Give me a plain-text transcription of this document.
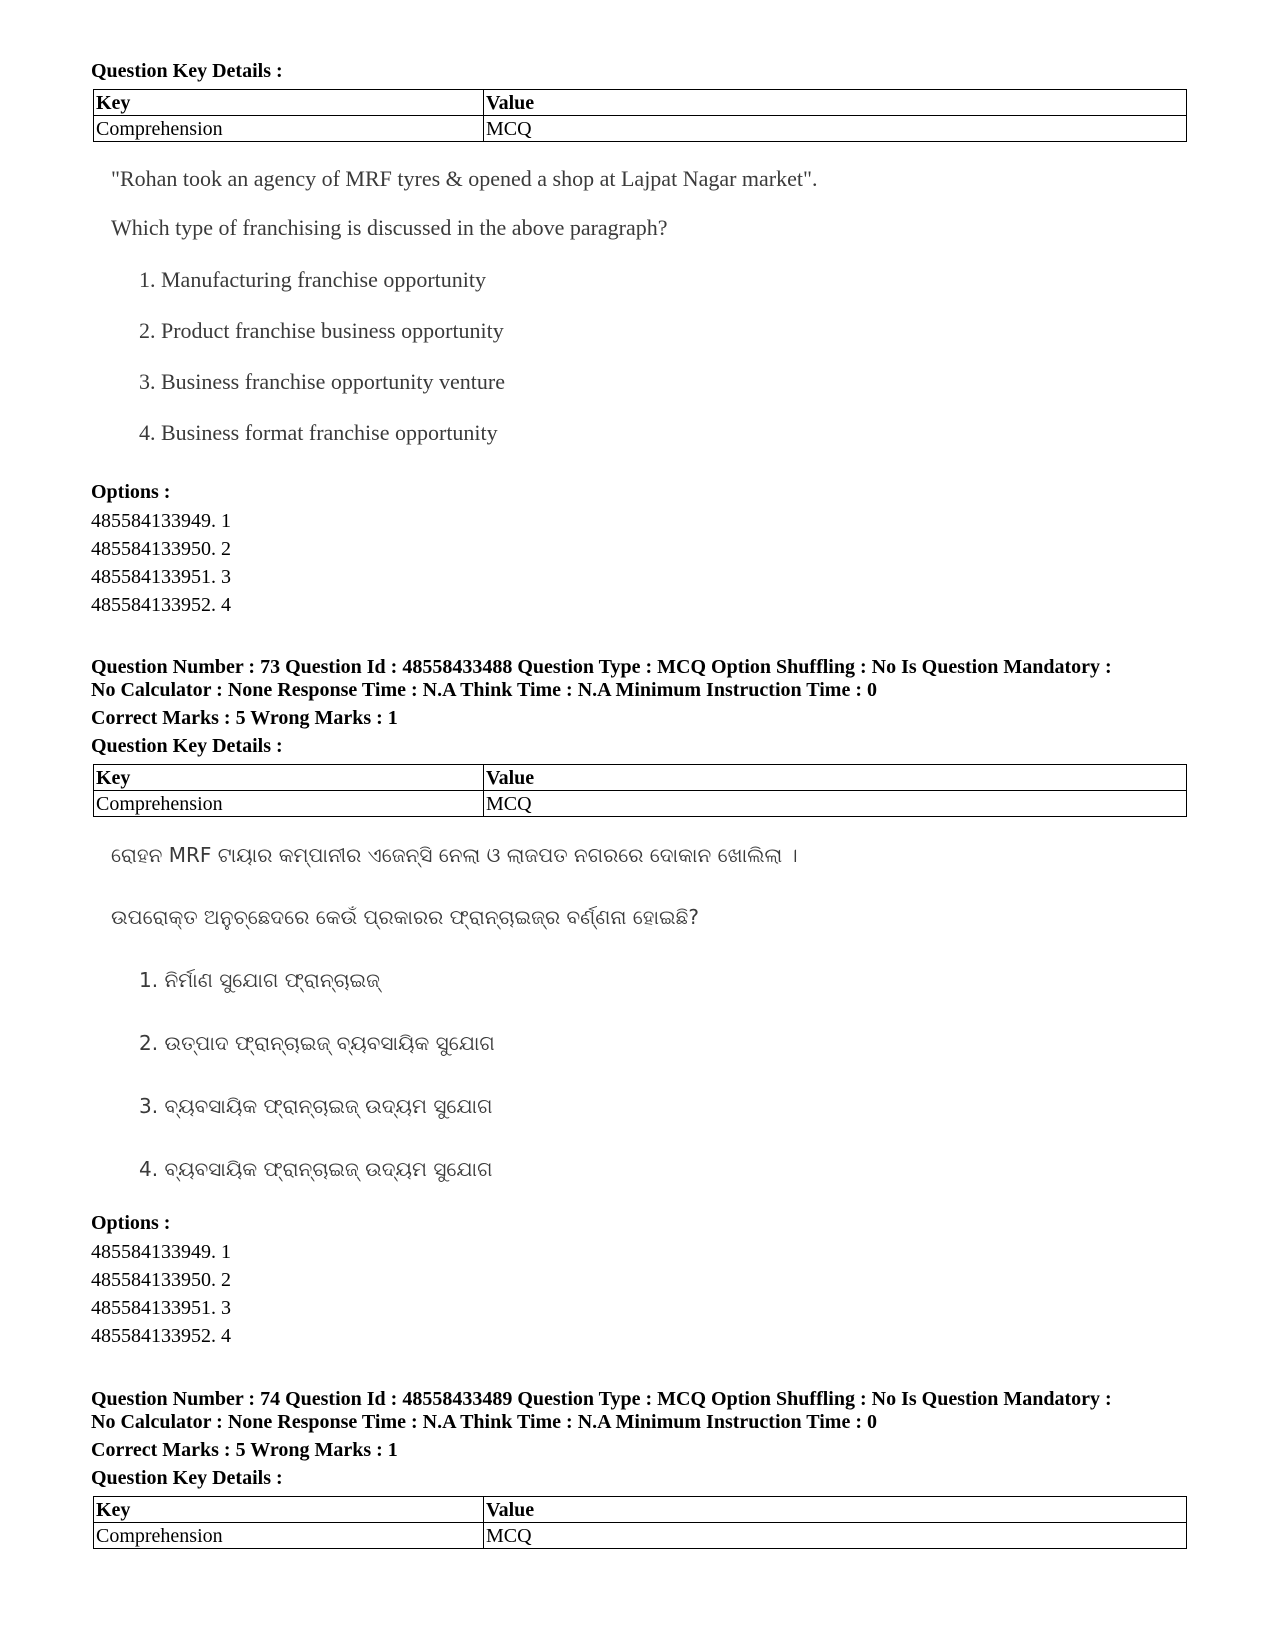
Question Key Details :
Key	Value
Comprehension	MCQ
"Rohan took an agency of MRF tyres & opened a shop at Lajpat Nagar market".
Which type of franchising is discussed in the above paragraph?
1. Manufacturing franchise opportunity
2. Product franchise business opportunity
3. Business franchise opportunity venture
4. Business format franchise opportunity
Options :
485584133949. 1
485584133950. 2
485584133951. 3
485584133952. 4
Question Number : 73 Question Id : 48558433488 Question Type : MCQ Option Shuffling : No Is Question Mandatory :
No Calculator : None Response Time : N.A Think Time : N.A Minimum Instruction Time : 0
Correct Marks : 5 Wrong Marks : 1
Question Key Details :
Key	Value
Comprehension	MCQ
ରୋହନ MRF ଟାୟାର କମ୍ପାନୀର ଏଜେନ୍ସି ନେଲା ଓ ଲାଜପତ ନଗରରେ ଦୋକାନ ଖୋଲିଲା ।
ଉପରୋକ୍ତ ଅନୁଚ୍ଛେଦରେ କେଉଁ ପ୍ରକାରର ଫ୍ରାନ୍‌ଚାଇଜ୍‌ର ବର୍ଣ୍ଣନା ହୋଇଛି?
1. ନିର୍ମାଣ ସୁଯୋଗ ଫ୍ରାନ୍‌ଚାଇଜ୍
2. ଉତ୍ପାଦ ଫ୍ରାନ୍‌ଚାଇଜ୍ ବ୍ୟବସାୟିକ ସୁଯୋଗ
3. ବ୍ୟବସାୟିକ ଫ୍ରାନ୍‌ଚାଇଜ୍ ଉଦ୍ୟମ ସୁଯୋଗ
4. ବ୍ୟବସାୟିକ ଫ୍ରାନ୍‌ଚାଇଜ୍ ଉଦ୍ୟମ ସୁଯୋଗ
Options :
485584133949. 1
485584133950. 2
485584133951. 3
485584133952. 4
Question Number : 74 Question Id : 48558433489 Question Type : MCQ Option Shuffling : No Is Question Mandatory :
No Calculator : None Response Time : N.A Think Time : N.A Minimum Instruction Time : 0
Correct Marks : 5 Wrong Marks : 1
Question Key Details :
Key	Value
Comprehension	MCQ
